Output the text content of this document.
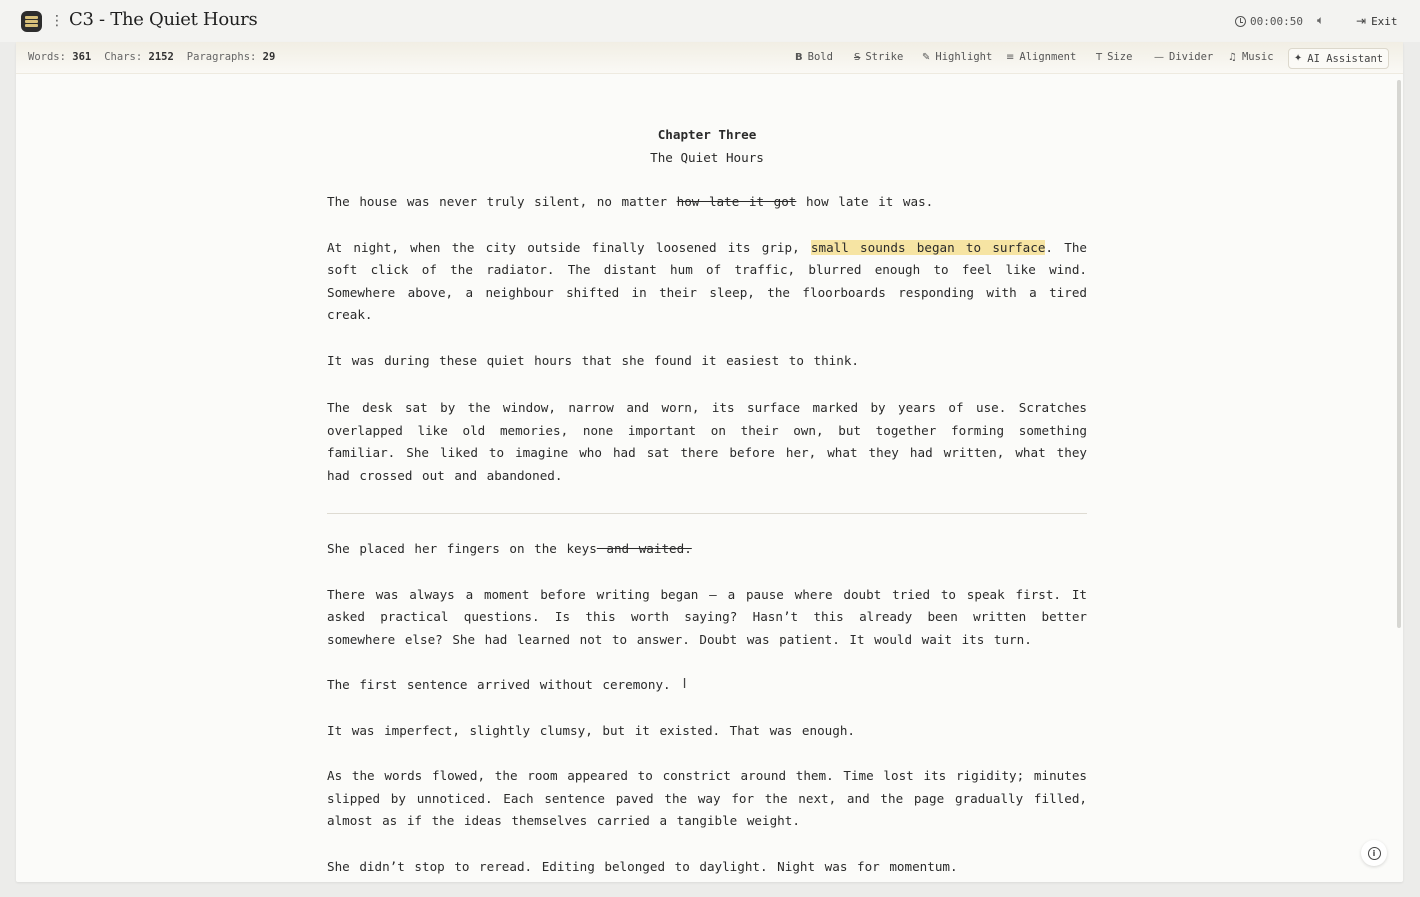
⋮ C3 - The Quiet Hours	00:00:50 🔈︎	⇥ Exit
Words: 361 Chars: 2152 Paragraphs: 29	B Bold S Strike ✎ Highlight ≡ Alignment T Size — Divider ♫ Music ✦ AI Assistant

Chapter Three

The Quiet Hours

The house was never truly silent, no matter how late it got how late it was.

At night, when the city outside finally loosened its grip, small sounds began to surface. The soft click of the radiator. The distant hum of traffic, blurred enough to feel like wind. Somewhere above, a neighbour shifted in their sleep, the floorboards responding with a tired creak.

It was during these quiet hours that she found it easiest to think.

The desk sat by the window, narrow and worn, its surface marked by years of use. Scratches overlapped like old memories, none important on their own, but together forming something familiar. She liked to imagine who had sat there before her, what they had written, what they had crossed out and abandoned.

She placed her fingers on the keys and waited.

There was always a moment before writing began — a pause where doubt tried to speak first. It asked practical questions. Is this worth saying? Hasn’t this already been written better somewhere else? She had learned not to answer. Doubt was patient. It would wait its turn.

The first sentence arrived without ceremony. I

It was imperfect, slightly clumsy, but it existed. That was enough.

As the words flowed, the room appeared to constrict around them. Time lost its rigidity; minutes slipped by unnoticed. Each sentence paved the way for the next, and the page gradually filled, almost as if the ideas themselves carried a tangible weight.

She didn’t stop to reread. Editing belonged to daylight. Night was for momentum.

i
